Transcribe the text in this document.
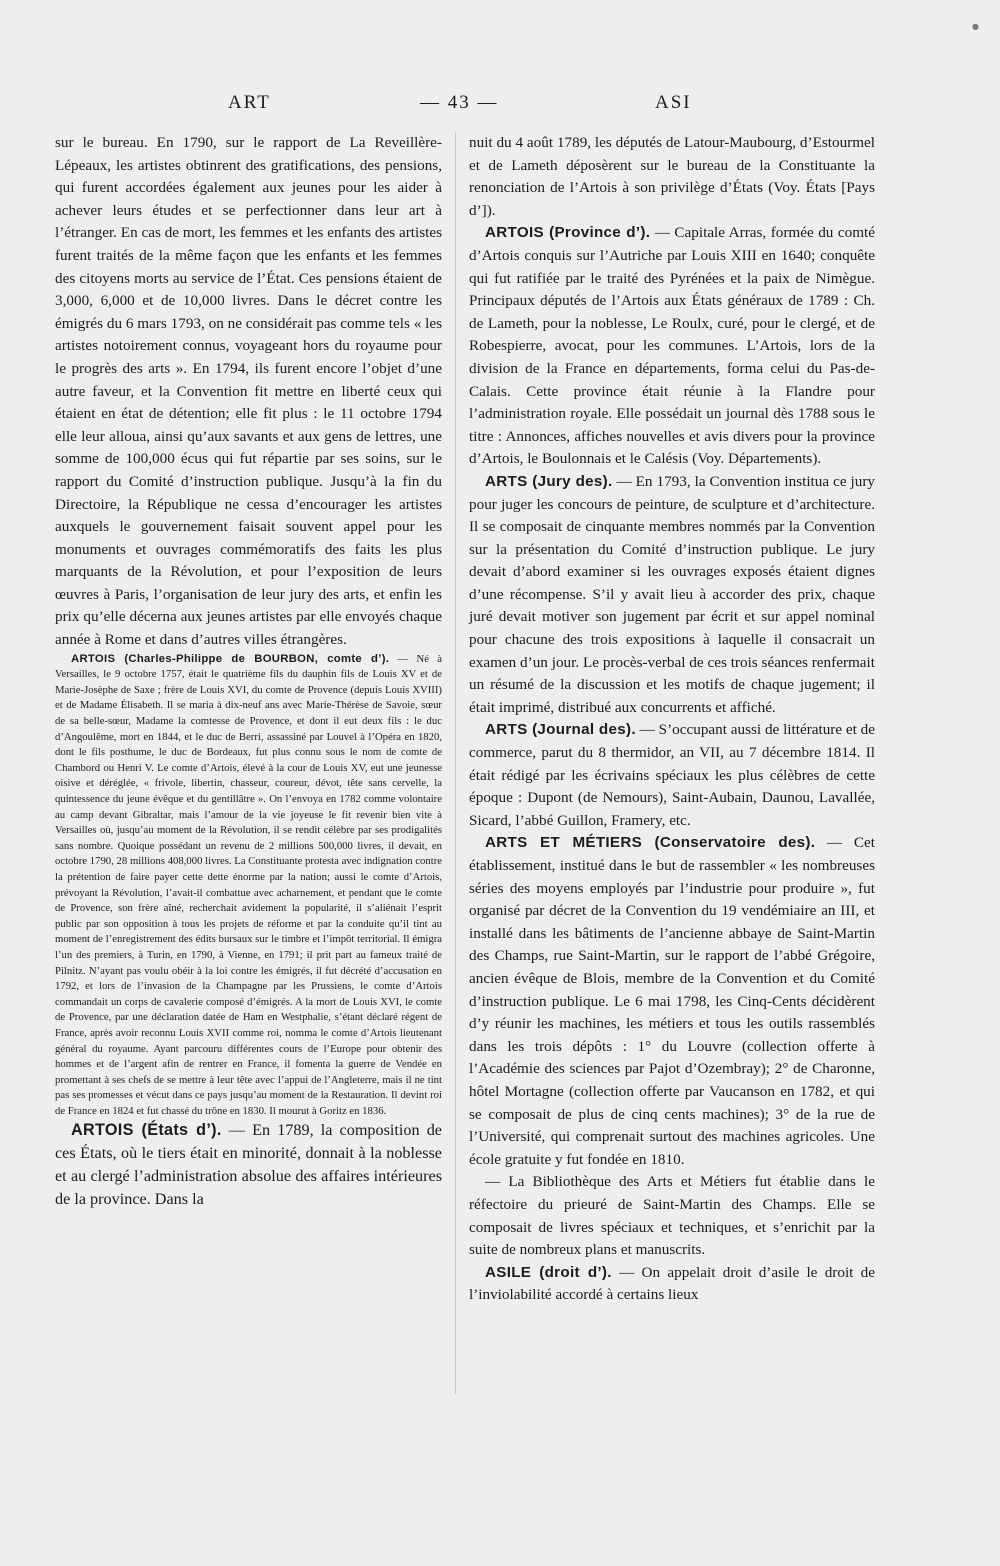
●
ART	— 43 —	ASI

sur le bureau. En 1790, sur le rapport de La Reveillère-Lépeaux, les artistes obtinrent des gratifications, des pensions, qui furent accordées également aux jeunes pour les aider à achever leurs études et se perfectionner dans leur art à l’étranger. En cas de mort, les femmes et les enfants des artistes furent traités de la même façon que les enfants et les femmes des citoyens morts au service de l’État. Ces pensions étaient de 3,000, 6,000 et de 10,000 livres. Dans le décret contre les émigrés du 6 mars 1793, on ne considérait pas comme tels « les artistes notoirement connus, voyageant hors du royaume pour le progrès des arts ». En 1794, ils furent encore l’objet d’une autre faveur, et la Convention fit mettre en liberté ceux qui étaient en état de détention; elle fit plus : le 11 octobre 1794 elle leur alloua, ainsi qu’aux savants et aux gens de lettres, une somme de 100,000 écus qui fut répartie par ses soins, sur le rapport du Comité d’instruction publique. Jusqu’à la fin du Directoire, la République ne cessa d’encourager les artistes auxquels le gouvernement faisait souvent appel pour les monuments et ouvrages commémoratifs des faits les plus marquants de la Révolution, et pour l’exposition de leurs œuvres à Paris, l’organisation de leur jury des arts, et enfin les prix qu’elle décerna aux jeunes artistes par elle envoyés chaque année à Rome et dans d’autres villes étrangères.

ARTOIS (Charles-Philippe de BOURBON, comte d’). — Né à Versailles, le 9 octobre 1757, était le quatrième fils du dauphin fils de Louis XV et de Marie-Josèphe de Saxe ; frère de Louis XVI, du comte de Provence (depuis Louis XVIII) et de Madame Élisabeth. Il se maria à dix-neuf ans avec Marie-Thérèse de Savoie, sœur de sa belle-sœur, Madame la comtesse de Provence, et dont il eut deux fils : le duc d’Angoulême, mort en 1844, et le duc de Berri, assassiné par Louvel à l’Opéra en 1820, dont le fils posthume, le duc de Bordeaux, fut plus connu sous le nom de comte de Chambord ou Henri V. Le comte d’Artois, élevé à la cour de Louis XV, eut une jeunesse oisive et déréglée, « frivole, libertin, chasseur, coureur, dévot, tête sans cervelle, la quintessence du jeune évêque et du gentillâtre ». On l’envoya en 1782 comme volontaire au camp devant Gibraltar, mais l’amour de la vie joyeuse le fit revenir bien vite à Versailles où, jusqu’au moment de la Révolution, il se rendit célèbre par ses prodigalités sans nombre. Quoique possédant un revenu de 2 millions 500,000 livres, il devait, en octobre 1790, 28 millions 408,000 livres. La Constituante protesta avec indignation contre la prétention de faire payer cette dette énorme par la nation; aussi le comte d’Artois, prévoyant la Révolution, l’avait-il combattue avec acharnement, et pendant que le comte de Provence, son frère aîné, recherchait avidement la popularité, il s’aliénait l’esprit public par son opposition à tous les projets de réforme et par la conduite qu’il tint au moment de l’enregistrement des édits bursaux sur le timbre et l’impôt territorial. Il émigra l’un des premiers, à Turin, en 1790, à Vienne, en 1791; il prit part au fameux traité de Pilnitz. N’ayant pas voulu obéir à la loi contre les émigrés, il fut décrété d’accusation en 1792, et lors de l’invasion de la Champagne par les Prussiens, le comte d’Artois commandait un corps de cavalerie composé d’émigrés. A la mort de Louis XVI, le comte de Provence, par une déclaration datée de Ham en Westphalie, s’étant déclaré régent de France, après avoir reconnu Louis XVII comme roi, nomma le comte d’Artois lieutenant général du royaume. Ayant parcouru différentes cours de l’Europe pour obtenir des hommes et de l’argent afin de rentrer en France, il fomenta la guerre de Vendée en promettant à ses chefs de se mettre à leur tête avec l’appui de l’Angleterre, mais il ne tint pas ses promesses et vécut dans ce pays jusqu’au moment de la Restauration. Il devint roi de France en 1824 et fut chassé du trône en 1830. Il mourut à Goritz en 1836.

ARTOIS (États d’). — En 1789, la composition de ces États, où le tiers était en minorité, donnait à la noblesse et au clergé l’administration absolue des affaires intérieures de la province. Dans la

nuit du 4 août 1789, les députés de Latour-Maubourg, d’Estourmel et de Lameth déposèrent sur le bureau de la Constituante la renonciation de l’Artois à son privilège d’États (Voy. États [Pays d’]).

ARTOIS (Province d’). — Capitale Arras, formée du comté d’Artois conquis sur l’Autriche par Louis XIII en 1640; conquête qui fut ratifiée par le traité des Pyrénées et la paix de Nimègue. Principaux députés de l’Artois aux États généraux de 1789 : Ch. de Lameth, pour la noblesse, Le Roulx, curé, pour le clergé, et de Robespierre, avocat, pour les communes. L’Artois, lors de la division de la France en départements, forma celui du Pas-de-Calais. Cette province était réunie à la Flandre pour l’administration royale. Elle possédait un journal dès 1788 sous le titre : Annonces, affiches nouvelles et avis divers pour la province d’Artois, le Boulonnais et le Calésis (Voy. Départements).

ARTS (Jury des). — En 1793, la Convention institua ce jury pour juger les concours de peinture, de sculpture et d’architecture. Il se composait de cinquante membres nommés par la Convention sur la présentation du Comité d’instruction publique. Le jury devait d’abord examiner si les ouvrages exposés étaient dignes d’une récompense. S’il y avait lieu à accorder des prix, chaque juré devait motiver son jugement par écrit et sur appel nominal pour chacune des trois expositions à laquelle il consacrait un examen d’un jour. Le procès-verbal de ces trois séances renfermait un résumé de la discussion et les motifs de chaque jugement; il était imprimé, distribué aux concurrents et affiché.

ARTS (Journal des). — S’occupant aussi de littérature et de commerce, parut du 8 thermidor, an VII, au 7 décembre 1814. Il était rédigé par les écrivains spéciaux les plus célèbres de cette époque : Dupont (de Nemours), Saint-Aubain, Daunou, Lavallée, Sicard, l’abbé Guillon, Framery, etc.

ARTS ET MÉTIERS (Conservatoire des). — Cet établissement, institué dans le but de rassembler « les nombreuses séries des moyens employés par l’industrie pour produire », fut organisé par décret de la Convention du 19 vendémiaire an III, et installé dans les bâtiments de l’ancienne abbaye de Saint-Martin des Champs, rue Saint-Martin, sur le rapport de l’abbé Grégoire, ancien évêque de Blois, membre de la Convention et du Comité d’instruction publique. Le 6 mai 1798, les Cinq-Cents décidèrent d’y réunir les machines, les métiers et tous les outils rassemblés dans les trois dépôts : 1° du Louvre (collection offerte à l’Académie des sciences par Pajot d’Ozembray); 2° de Charonne, hôtel Mortagne (collection offerte par Vaucanson en 1782, et qui se composait de plus de cinq cents machines); 3° de la rue de l’Université, qui comprenait surtout des machines agricoles. Une école gratuite y fut fondée en 1810.

— La Bibliothèque des Arts et Métiers fut établie dans le réfectoire du prieuré de Saint-Martin des Champs. Elle se composait de livres spéciaux et techniques, et s’enrichit par la suite de nombreux plans et manuscrits.

ASILE (droit d’). — On appelait droit d’asile le droit de l’inviolabilité accordé à certains lieux
